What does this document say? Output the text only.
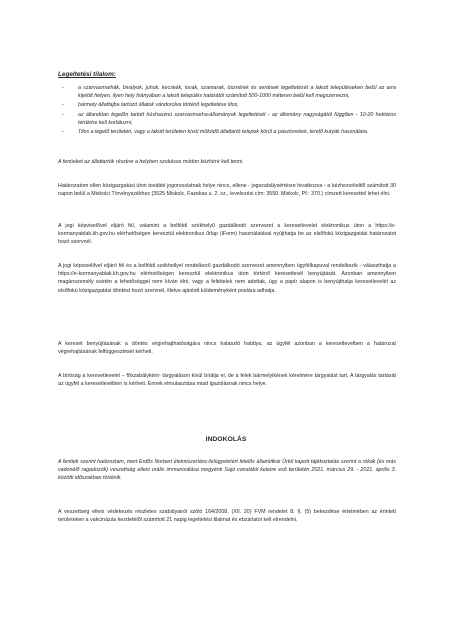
Legeltetési tilalom:
-	a szarvasmarhák, bivalyok, juhok, kecskék, lovak, szamarak, öszvérek és sertések legeltetését a lakott településeken belül az arra kijelölt helyen, ilyen hely hiányában a lakott település határától számított 500-1000 méteren belül kell megszervezni,
-	bármely állatfajba tartozó állatok vándorolva történő legeltetése tilos,
-	az állandóan legelőn tartott húshasznú szarvasmarha-állományok legeltetését - az állomány nagyságától függően - 10-20 hektáros területre kell korlátozni,
-	Tilos a legelő területén, vagy a lakott területen kívül működő állattartó telepek körül a pásztorebek, terelő kutyák használata.

A fentieket az állattartók részére a helyben szokásos módon közhírré kell tenni.

Határozatom ellen közigazgatási úton további jogorvoslatnak helye nincs, ellene - jogszabálysértésre hivatkozva - a kézhezvételtől számított 30 napon belül a Miskolci Törvényszékhez (3525 Miskolc, Fazekas u. 2. sz., levelezési cím: 3550. Miskolc, Pf.: 370.) címzett keresettel lehet élni.

A jogi képviselővel eljáró fél, valamint a belföldi székhelyű gazdálkodó szervezet a keresetlevelet elektronikus úton a https://e-kormanyablak.kh.gov.hu elérhetőségen keresztül elektronikus űrlap (iForm) használatával nyújthatja be az elsőfokú közigazgatási határozatot hozó szervnél.

A jogi képviselővel eljáró fél és a belföldi székhellyel rendelkező gazdálkodó szervezet amennyiben ügyfélkapuval rendelkezik - választhatja a https://e-kormanyablak.kh.gov.hu elérhetőségen keresztül elektronikus úton történő keresetlevél benyújtását. Azonban amennyiben magánszemély esetén a lehetőséggel nem kíván élni, vagy a feltételek nem adottak, úgy a papír alapon is benyújthatja keresetlevelét az elsőfokú közigazgatási döntést hozó szervnél, illetve ajánlott küldeményként postára adhatja.

A kereset benyújtásának a döntés végrehajthatóságára nincs halasztó hatálya, az ügyfél azonban a keresetlevelben a határozat végrehajtásának felfüggesztését kérheti.

A bíróság a keresetlevelet – főszabályként- tárgyaláson kívül bírálja el, de a felek bármelyikének kérelmére tárgyalást tart. A tárgyalás tartását az ügyfél a keresetlevélben is kérheti. Ennek elmulasztása miatt igazolásnak nincs helye.

INDOKOLÁS

A fentiek szerint határoztam, mert Erdős Norbert élelmiszerlánc-felügyeletért felelős államtitkár Úrtól kapott tájékoztatás szerint a rókák (és más vadonélő ragadozók) veszettség elleni orális immunizálása megyénk Sajó vonalától keletre eső területén 2021. március 29. - 2021. április 3. közötti időszakban történik.

A veszettség elleni védekezés részletes szabályairól szóló 164/2008. (XII. 20) FVM rendelet 8. §. (5) bekezdése értelmében az érintett területeken a vakcinázás kezdetétől számított 21 napig legeltetési tilalmat és ebzárlatot kell elrendelni.
